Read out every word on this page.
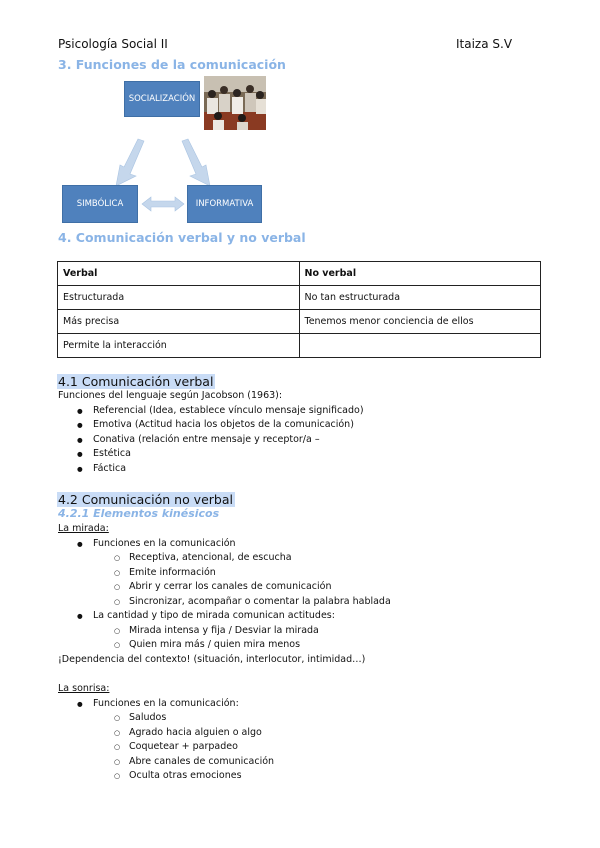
Psicología Social II	Itaiza S.V
3. Funciones de la comunicación
SOCIALIZACIÓN
SIMBÓLICA	INFORMATIVA
4. Comunicación verbal y no verbal
Verbal	No verbal
Estructurada	No tan estructurada
Más precisa	Tenemos menor conciencia de ellos
Permite la interacción	
4.1 Comunicación verbal
Funciones del lenguaje según Jacobson (1963):
● Referencial (Idea, establece vínculo mensaje significado)
● Emotiva (Actitud hacia los objetos de la comunicación)
● Conativa (relación entre mensaje y receptor/a –
● Estética
● Fáctica
4.2 Comunicación no verbal
4.2.1 Elementos kinésicos
La mirada:
● Funciones en la comunicación
○ Receptiva, atencional, de escucha
○ Emite información
○ Abrir y cerrar los canales de comunicación
○ Sincronizar, acompañar o comentar la palabra hablada
● La cantidad y tipo de mirada comunican actitudes:
○ Mirada intensa y fija / Desviar la mirada
○ Quien mira más / quien mira menos
¡Dependencia del contexto! (situación, interlocutor, intimidad…)
La sonrisa:
● Funciones en la comunicación:
○ Saludos
○ Agrado hacia alguien o algo
○ Coquetear + parpadeo
○ Abre canales de comunicación
○ Oculta otras emociones
